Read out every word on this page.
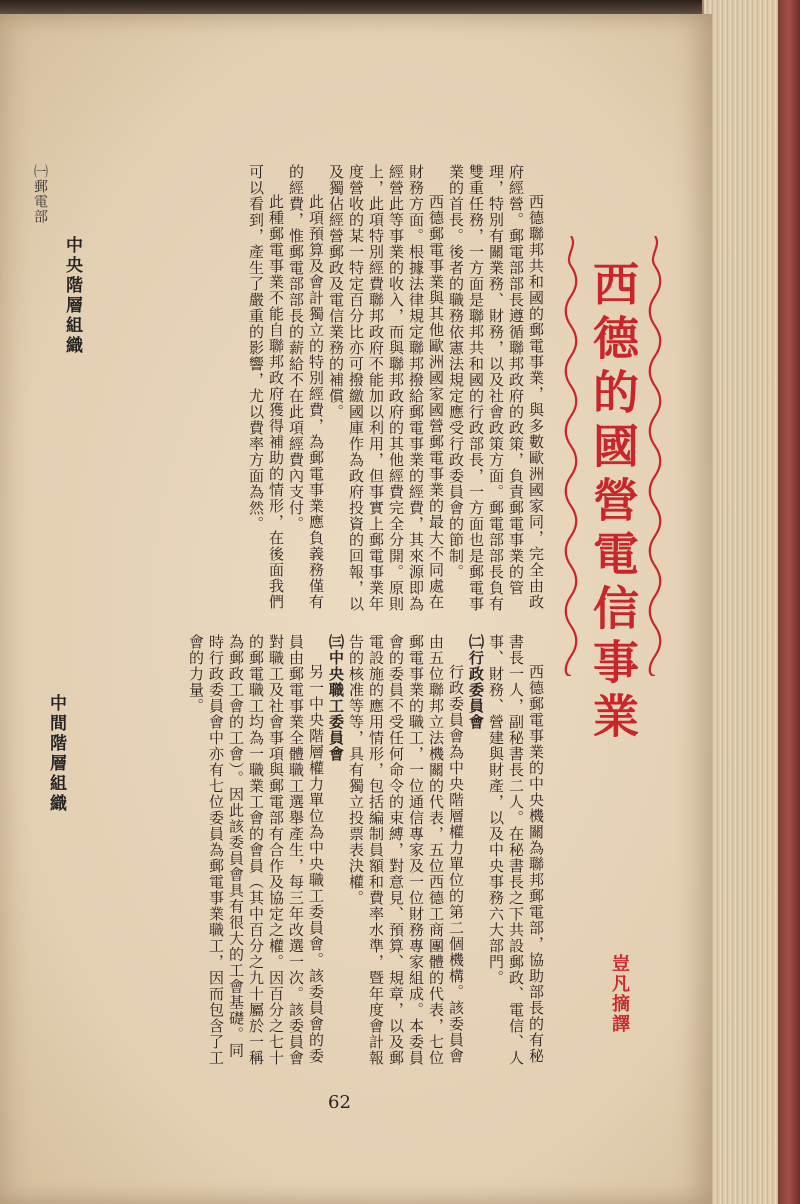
西德的國營電信事業

西德聯邦共和國的郵電事業，與多數歐洲國家同，完全由政府經營。郵電部部長遵循聯邦政府的政策，負責郵電事業的管理，特別有關業務、財務，以及社會政策方面。郵電部部長負有雙重任務，一方面是聯邦共和國的行政部長，一方面也是郵電事業的首長。後者的職務依憲法規定應受行政委員會的節制。

西德郵電事業與其他歐洲國家國營郵電事業的最大不同處在財務方面。根據法律規定聯邦撥給郵電事業的經費，其來源即為經營此等事業的收入，而與聯邦政府的其他經費完全分開。原則上，此項特別經費聯邦政府不能加以利用，但事實上郵電事業年度營收的某一特定百分比亦可撥繳國庫作為政府投資的回報，以及獨佔經營郵政及電信業務的補償。

此項預算及會計獨立的特別經費，為郵電事業應負義務僅有的經費，惟郵電部部長的薪給不在此項經費內支付。

此種郵電事業不能自聯邦政府獲得補助的情形，在後面我們可以看到，產生了嚴重的影響，尤以費率方面為然。

中央階層組織
㈠郵電部

西德郵電事業的中央機關為聯邦郵電部，協助部長的有秘書長一人，副秘書長二人。在秘書長之下共設郵政、電信、人事、財務、營建與財產，以及中央事務六大部門。

㈡行政委員會

行政委員會為中央階層權力單位的第二個機構。該委員會由五位聯邦立法機關的代表，五位西德工商團體的代表，七位郵電事業的職工，一位通信專家及一位財務專家組成。本委員會的委員不受任何命令的束縛，對意見、預算、規章，以及郵電設施的應用情形，包括編制員額和費率水準，暨年度會計報告的核准等等，具有獨立投票表決權。

㈢中央職工委員會

另一中央階層權力單位為中央職工委員會。該委員會的委員由郵電事業全體職工選舉產生，每三年改選一次。該委員會對職工及社會事項與郵電部有合作及協定之權。因百分之七十的郵電職工均為一職業工會的會員（其中百分之九十屬於一稱為郵政工會的工會）。因此該委員會具有很大的工會基礎。同時行政委員會中亦有七位委員為郵電事業職工，因而包含了工會的力量。

中間階層組織
豈凡摘譯
62
